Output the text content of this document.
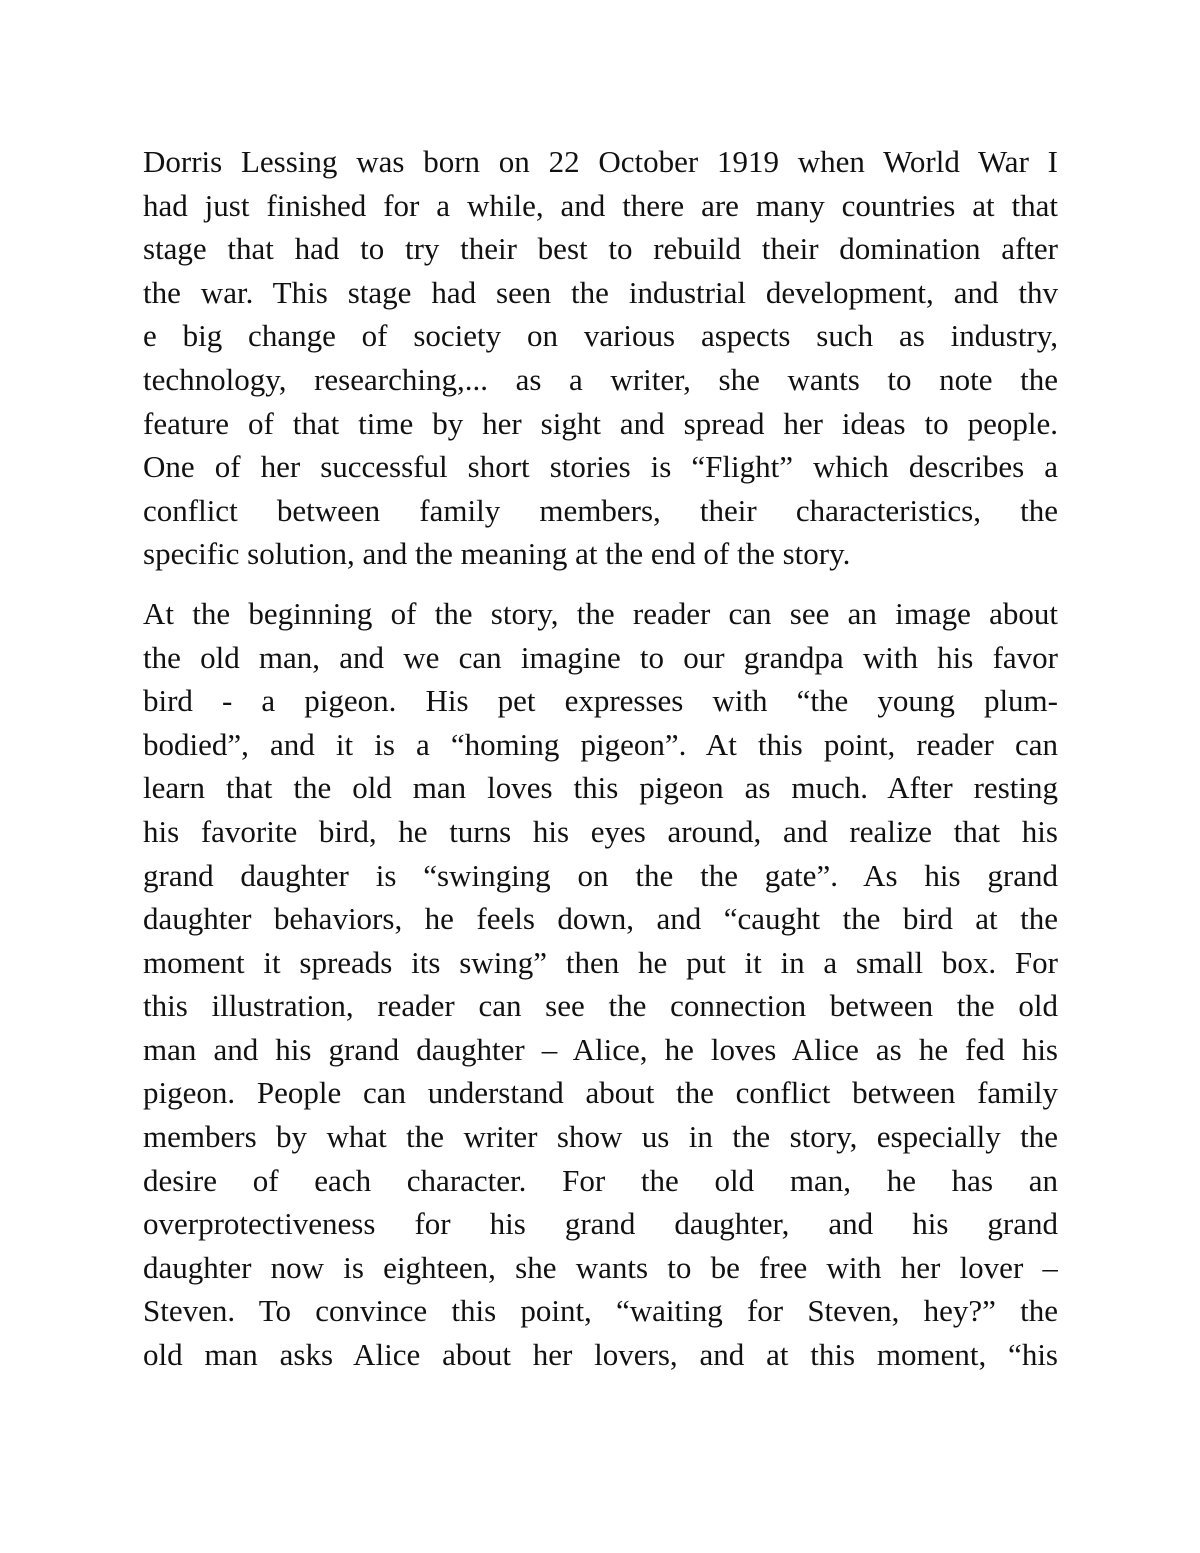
Dorris Lessing was born on 22 October 1919 when World War I
had just finished for a while, and there are many countries at that
stage that had to try their best to rebuild their domination after
the war. This stage had seen the industrial development, and thv
e big change of society on various aspects such as industry,
technology, researching,... as a writer, she wants to note the
feature of that time by her sight and spread her ideas to people.
One of her successful short stories is “Flight” which describes a
conflict between family members, their characteristics, the
specific solution, and the meaning at the end of the story.
At the beginning of the story, the reader can see an image about
the old man, and we can imagine to our grandpa with his favor
bird - a pigeon. His pet expresses with “the young plum-
bodied”, and it is a “homing pigeon”. At this point, reader can
learn that the old man loves this pigeon as much. After resting
his favorite bird, he turns his eyes around, and realize that his
grand daughter is “swinging on the the gate”. As his grand
daughter behaviors, he feels down, and “caught the bird at the
moment it spreads its swing” then he put it in a small box. For
this illustration, reader can see the connection between the old
man and his grand daughter – Alice, he loves Alice as he fed his
pigeon. People can understand about the conflict between family
members by what the writer show us in the story, especially the
desire of each character. For the old man, he has an
overprotectiveness for his grand daughter, and his grand
daughter now is eighteen, she wants to be free with her lover –
Steven. To convince this point, “waiting for Steven, hey?” the
old man asks Alice about her lovers, and at this moment, “his
